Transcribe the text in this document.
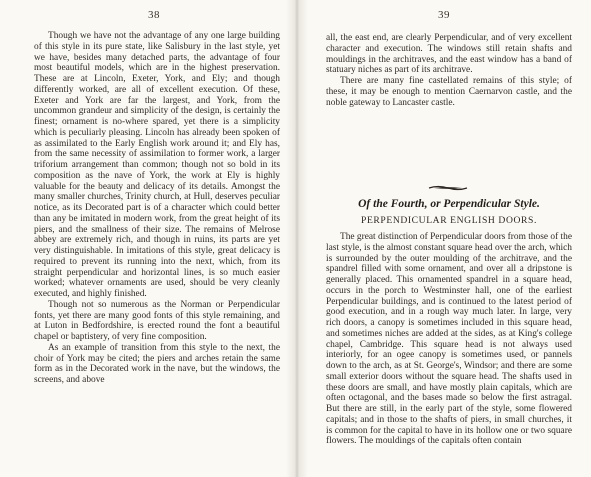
38

Though we have not the advantage of any one large building of this style in its pure state, like Salisbury in the last style, yet we have, besides many detached parts, the advantage of four most beautiful models, which are in the highest preservation. These are at Lincoln, Exeter, York, and Ely; and though differently worked, are all of excellent execution. Of these, Exeter and York are far the largest, and York, from the uncommon grandeur and simplicity of the design, is certainly the finest; ornament is no-where spared, yet there is a simplicity which is peculiarly pleasing. Lincoln has already been spoken of as assimilated to the Early English work around it; and Ely has, from the same necessity of assimilation to former work, a larger triforium arrangement than common; though not so bold in its composition as the nave of York, the work at Ely is highly valuable for the beauty and delicacy of its details. Amongst the many smaller churches, Trinity church, at Hull, deserves peculiar notice, as its Decorated part is of a character which could better than any be imitated in modern work, from the great height of its piers, and the smallness of their size. The remains of Melrose abbey are extremely rich, and though in ruins, its parts are yet very distinguishable. In imitations of this style, great delicacy is required to prevent its running into the next, which, from its straight perpendicular and horizontal lines, is so much easier worked; whatever ornaments are used, should be very cleanly executed, and highly finished.

Though not so numerous as the Norman or Perpendicular fonts, yet there are many good fonts of this style remaining, and at Luton in Bedfordshire, is erected round the font a beautiful chapel or baptistery, of very fine composition.

As an example of transition from this style to the next, the choir of York may be cited; the piers and arches retain the same form as in the Decorated work in the nave, but the windows, the screens, and above

39

all, the east end, are clearly Perpendicular, and of very excellent character and execution. The windows still retain shafts and mouldings in the architraves, and the east window has a band of statuary niches as part of its architrave.

There are many fine castellated remains of this style; of these, it may be enough to mention Caernarvon castle, and the noble gateway to Lancaster castle.

Of the Fourth, or Perpendicular Style.
PERPENDICULAR ENGLISH DOORS.

The great distinction of Perpendicular doors from those of the last style, is the almost constant square head over the arch, which is surrounded by the outer moulding of the architrave, and the spandrel filled with some ornament, and over all a dripstone is generally placed. This ornamented spandrel in a square head, occurs in the porch to Westminster hall, one of the earliest Perpendicular buildings, and is continued to the latest period of good execution, and in a rough way much later. In large, very rich doors, a canopy is sometimes included in this square head, and sometimes niches are added at the sides, as at King's college chapel, Cambridge. This square head is not always used interiorly, for an ogee canopy is sometimes used, or pannels down to the arch, as at St. George's, Windsor; and there are some small exterior doors without the square head. The shafts used in these doors are small, and have mostly plain capitals, which are often octagonal, and the bases made so below the first astragal. But there are still, in the early part of the style, some flowered capitals; and in those to the shafts of piers, in small churches, it is common for the capital to have in its hollow one or two square flowers. The mouldings of the capitals often contain
